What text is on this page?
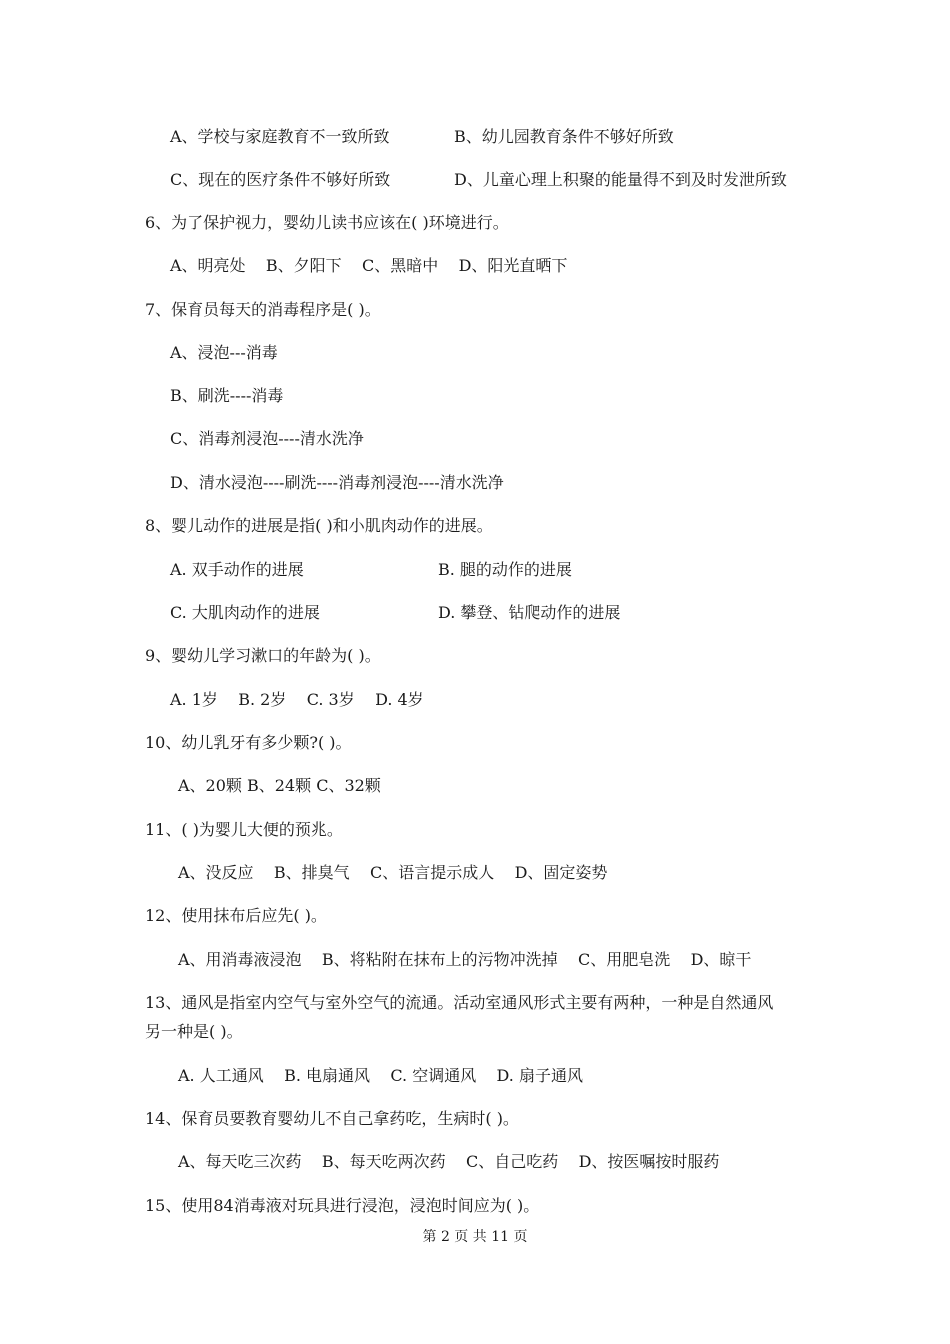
A、学校与家庭教育不一致所致	B、幼儿园教育条件不够好所致
C、现在的医疗条件不够好所致	D、儿童心理上积聚的能量得不到及时发泄所致
6、为了保护视力，婴幼儿读书应该在( )环境进行。
A、明亮处    B、夕阳下    C、黑暗中    D、阳光直晒下
7、保育员每天的消毒程序是( )。
A、浸泡---消毒
B、刷洗----消毒
C、消毒剂浸泡----清水洗净
D、清水浸泡----刷洗----消毒剂浸泡----清水洗净
8、婴儿动作的进展是指( )和小肌肉动作的进展。
A. 双手动作的进展	B. 腿的动作的进展
C. 大肌肉动作的进展	D. 攀登、钻爬动作的进展
9、婴幼儿学习漱口的年龄为( )。
A. 1岁    B. 2岁    C. 3岁    D. 4岁
10、幼儿乳牙有多少颗?( )。
A、20颗 B、24颗 C、32颗
11、( )为婴儿大便的预兆。
A、没反应    B、排臭气    C、语言提示成人    D、固定姿势
12、使用抹布后应先( )。
A、用消毒液浸泡    B、将粘附在抹布上的污物冲洗掉    C、用肥皂洗    D、晾干
13、通风是指室内空气与室外空气的流通。活动室通风形式主要有两种，一种是自然通风
另一种是( )。
A. 人工通风    B. 电扇通风    C. 空调通风    D. 扇子通风
14、保育员要教育婴幼儿不自己拿药吃，生病时( )。
A、每天吃三次药    B、每天吃两次药    C、自己吃药    D、按医嘱按时服药
15、使用84消毒液对玩具进行浸泡，浸泡时间应为( )。
第 2 页 共 11 页
